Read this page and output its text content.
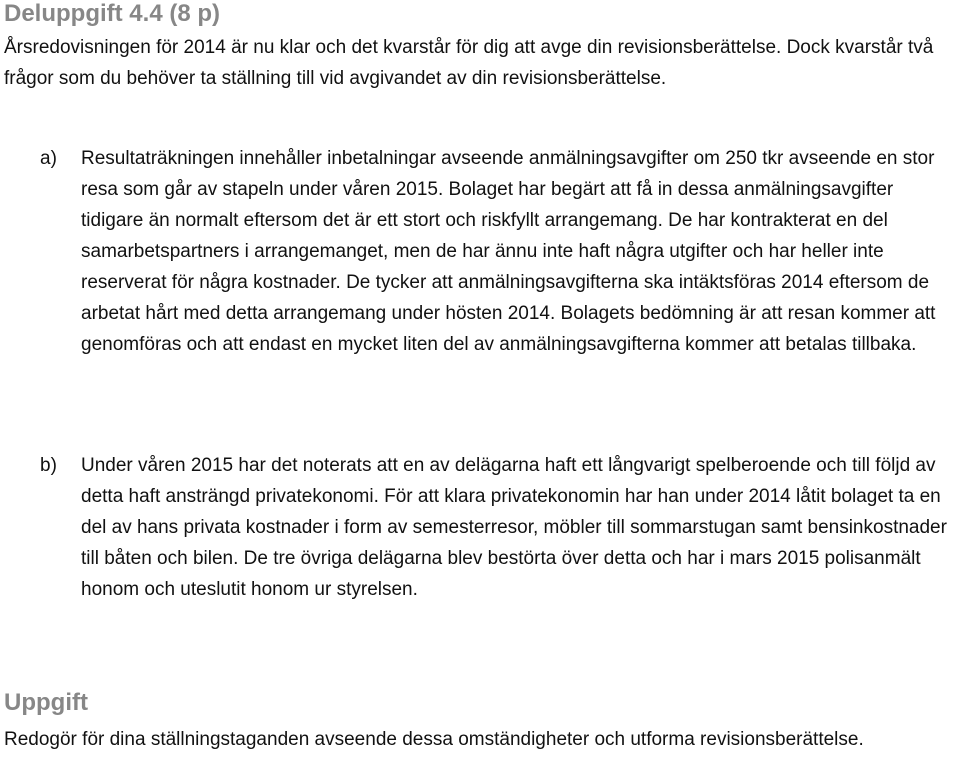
Deluppgift 4.4 (8 p)

Årsredovisningen för 2014 är nu klar och det kvarstår för dig att avge din revisionsberättelse. Dock kvarstår två frågor som du behöver ta ställning till vid avgivandet av din revisionsberättelse.

a) Resultaträkningen innehåller inbetalningar avseende anmälningsavgifter om 250 tkr avseende en stor resa som går av stapeln under våren 2015. Bolaget har begärt att få in dessa anmälningsavgifter tidigare än normalt eftersom det är ett stort och riskfyllt arrangemang. De har kontrakterat en del samarbetspartners i arrangemanget, men de har ännu inte haft några utgifter och har heller inte reserverat för några kostnader. De tycker att anmälningsavgifterna ska intäktsföras 2014 eftersom de arbetat hårt med detta arrangemang under hösten 2014. Bolagets bedömning är att resan kommer att genomföras och att endast en mycket liten del av anmälningsavgifterna kommer att betalas tillbaka.
b) Under våren 2015 har det noterats att en av delägarna haft ett långvarigt spelberoende och till följd av detta haft ansträngd privatekonomi. För att klara privatekonomin har han under 2014 låtit bolaget ta en del av hans privata kostnader i form av semesterresor, möbler till sommarstugan samt bensinkostnader till båten och bilen. De tre övriga delägarna blev bestörta över detta och har i mars 2015 polisanmält honom och uteslutit honom ur styrelsen.
Uppgift

Redogör för dina ställningstaganden avseende dessa omständigheter och utforma revisionsberättelse.
